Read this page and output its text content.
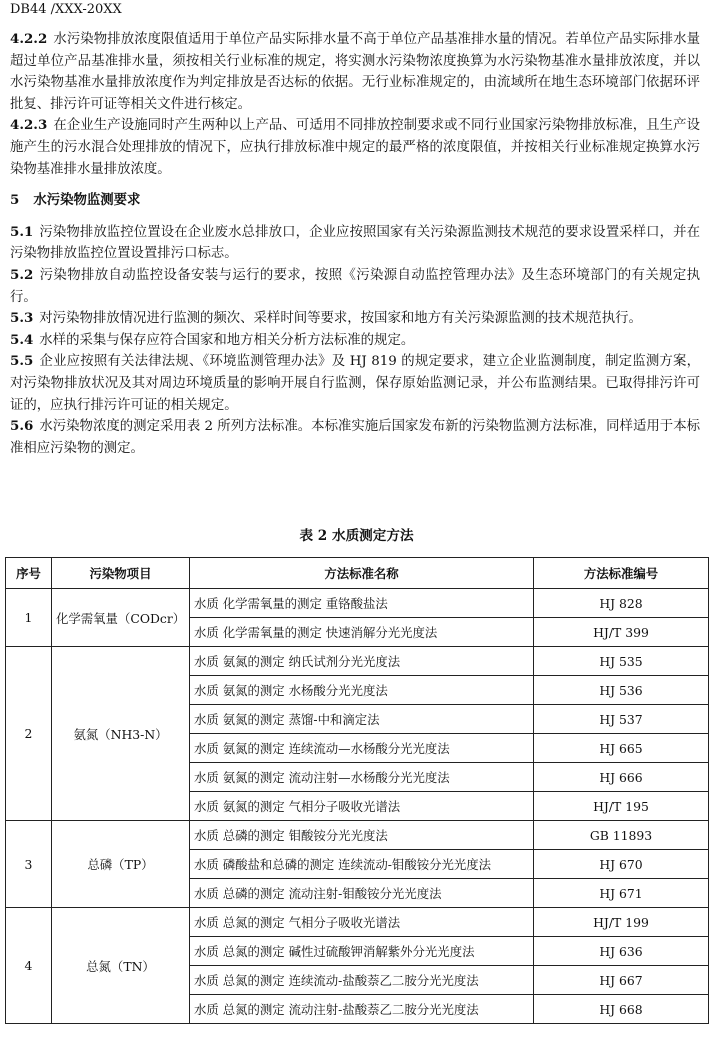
DB44 /XXX-20XX

4.2.2 水污染物排放浓度限值适用于单位产品实际排水量不高于单位产品基准排水量的情况。若单位产品实际排水量超过单位产品基准排水量，须按相关行业标准的规定，将实测水污染物浓度换算为水污染物基准水量排放浓度，并以水污染物基准水量排放浓度作为判定排放是否达标的依据。无行业标准规定的，由流域所在地生态环境部门依据环评批复、排污许可证等相关文件进行核定。

4.2.3 在企业生产设施同时产生两种以上产品、可适用不同排放控制要求或不同行业国家污染物排放标准，且生产设施产生的污水混合处理排放的情况下，应执行排放标准中规定的最严格的浓度限值，并按相关行业标准规定换算水污染物基准排水量排放浓度。

5 水污染物监测要求

5.1 污染物排放监控位置设在企业废水总排放口，企业应按照国家有关污染源监测技术规范的要求设置采样口，并在污染物排放监控位置设置排污口标志。

5.2 污染物排放自动监控设备安装与运行的要求，按照《污染源自动监控管理办法》及生态环境部门的有关规定执行。

5.3 对污染物排放情况进行监测的频次、采样时间等要求，按国家和地方有关污染源监测的技术规范执行。

5.4 水样的采集与保存应符合国家和地方相关分析方法标准的规定。

5.5 企业应按照有关法律法规、《环境监测管理办法》及 HJ 819 的规定要求，建立企业监测制度，制定监测方案，对污染物排放状况及其对周边环境质量的影响开展自行监测，保存原始监测记录，并公布监测结果。已取得排污许可证的，应执行排污许可证的相关规定。

5.6 水污染物浓度的测定采用表 2 所列方法标准。本标准实施后国家发布新的污染物监测方法标准，同样适用于本标准相应污染物的测定。

表 2 水质测定方法
序号	污染物项目	方法标准名称	方法标准编号
1	化学需氧量（CODcr）	水质 化学需氧量的测定 重铬酸盐法	HJ 828
		水质 化学需氧量的测定 快速消解分光光度法	HJ/T 399
2	氨氮（NH3-N）	水质 氨氮的测定 纳氏试剂分光光度法	HJ 535
		水质 氨氮的测定 水杨酸分光光度法	HJ 536
		水质 氨氮的测定 蒸馏-中和滴定法	HJ 537
		水质 氨氮的测定 连续流动—水杨酸分光光度法	HJ 665
		水质 氨氮的测定 流动注射—水杨酸分光光度法	HJ 666
		水质 氨氮的测定 气相分子吸收光谱法	HJ/T 195
3	总磷（TP）	水质 总磷的测定 钼酸铵分光光度法	GB 11893
		水质 磷酸盐和总磷的测定 连续流动-钼酸铵分光光度法	HJ 670
		水质 总磷的测定 流动注射-钼酸铵分光光度法	HJ 671
4	总氮（TN）	水质 总氮的测定 气相分子吸收光谱法	HJ/T 199
		水质 总氮的测定 碱性过硫酸钾消解紫外分光光度法	HJ 636
		水质 总氮的测定 连续流动-盐酸萘乙二胺分光光度法	HJ 667
		水质 总氮的测定 流动注射-盐酸萘乙二胺分光光度法	HJ 668
